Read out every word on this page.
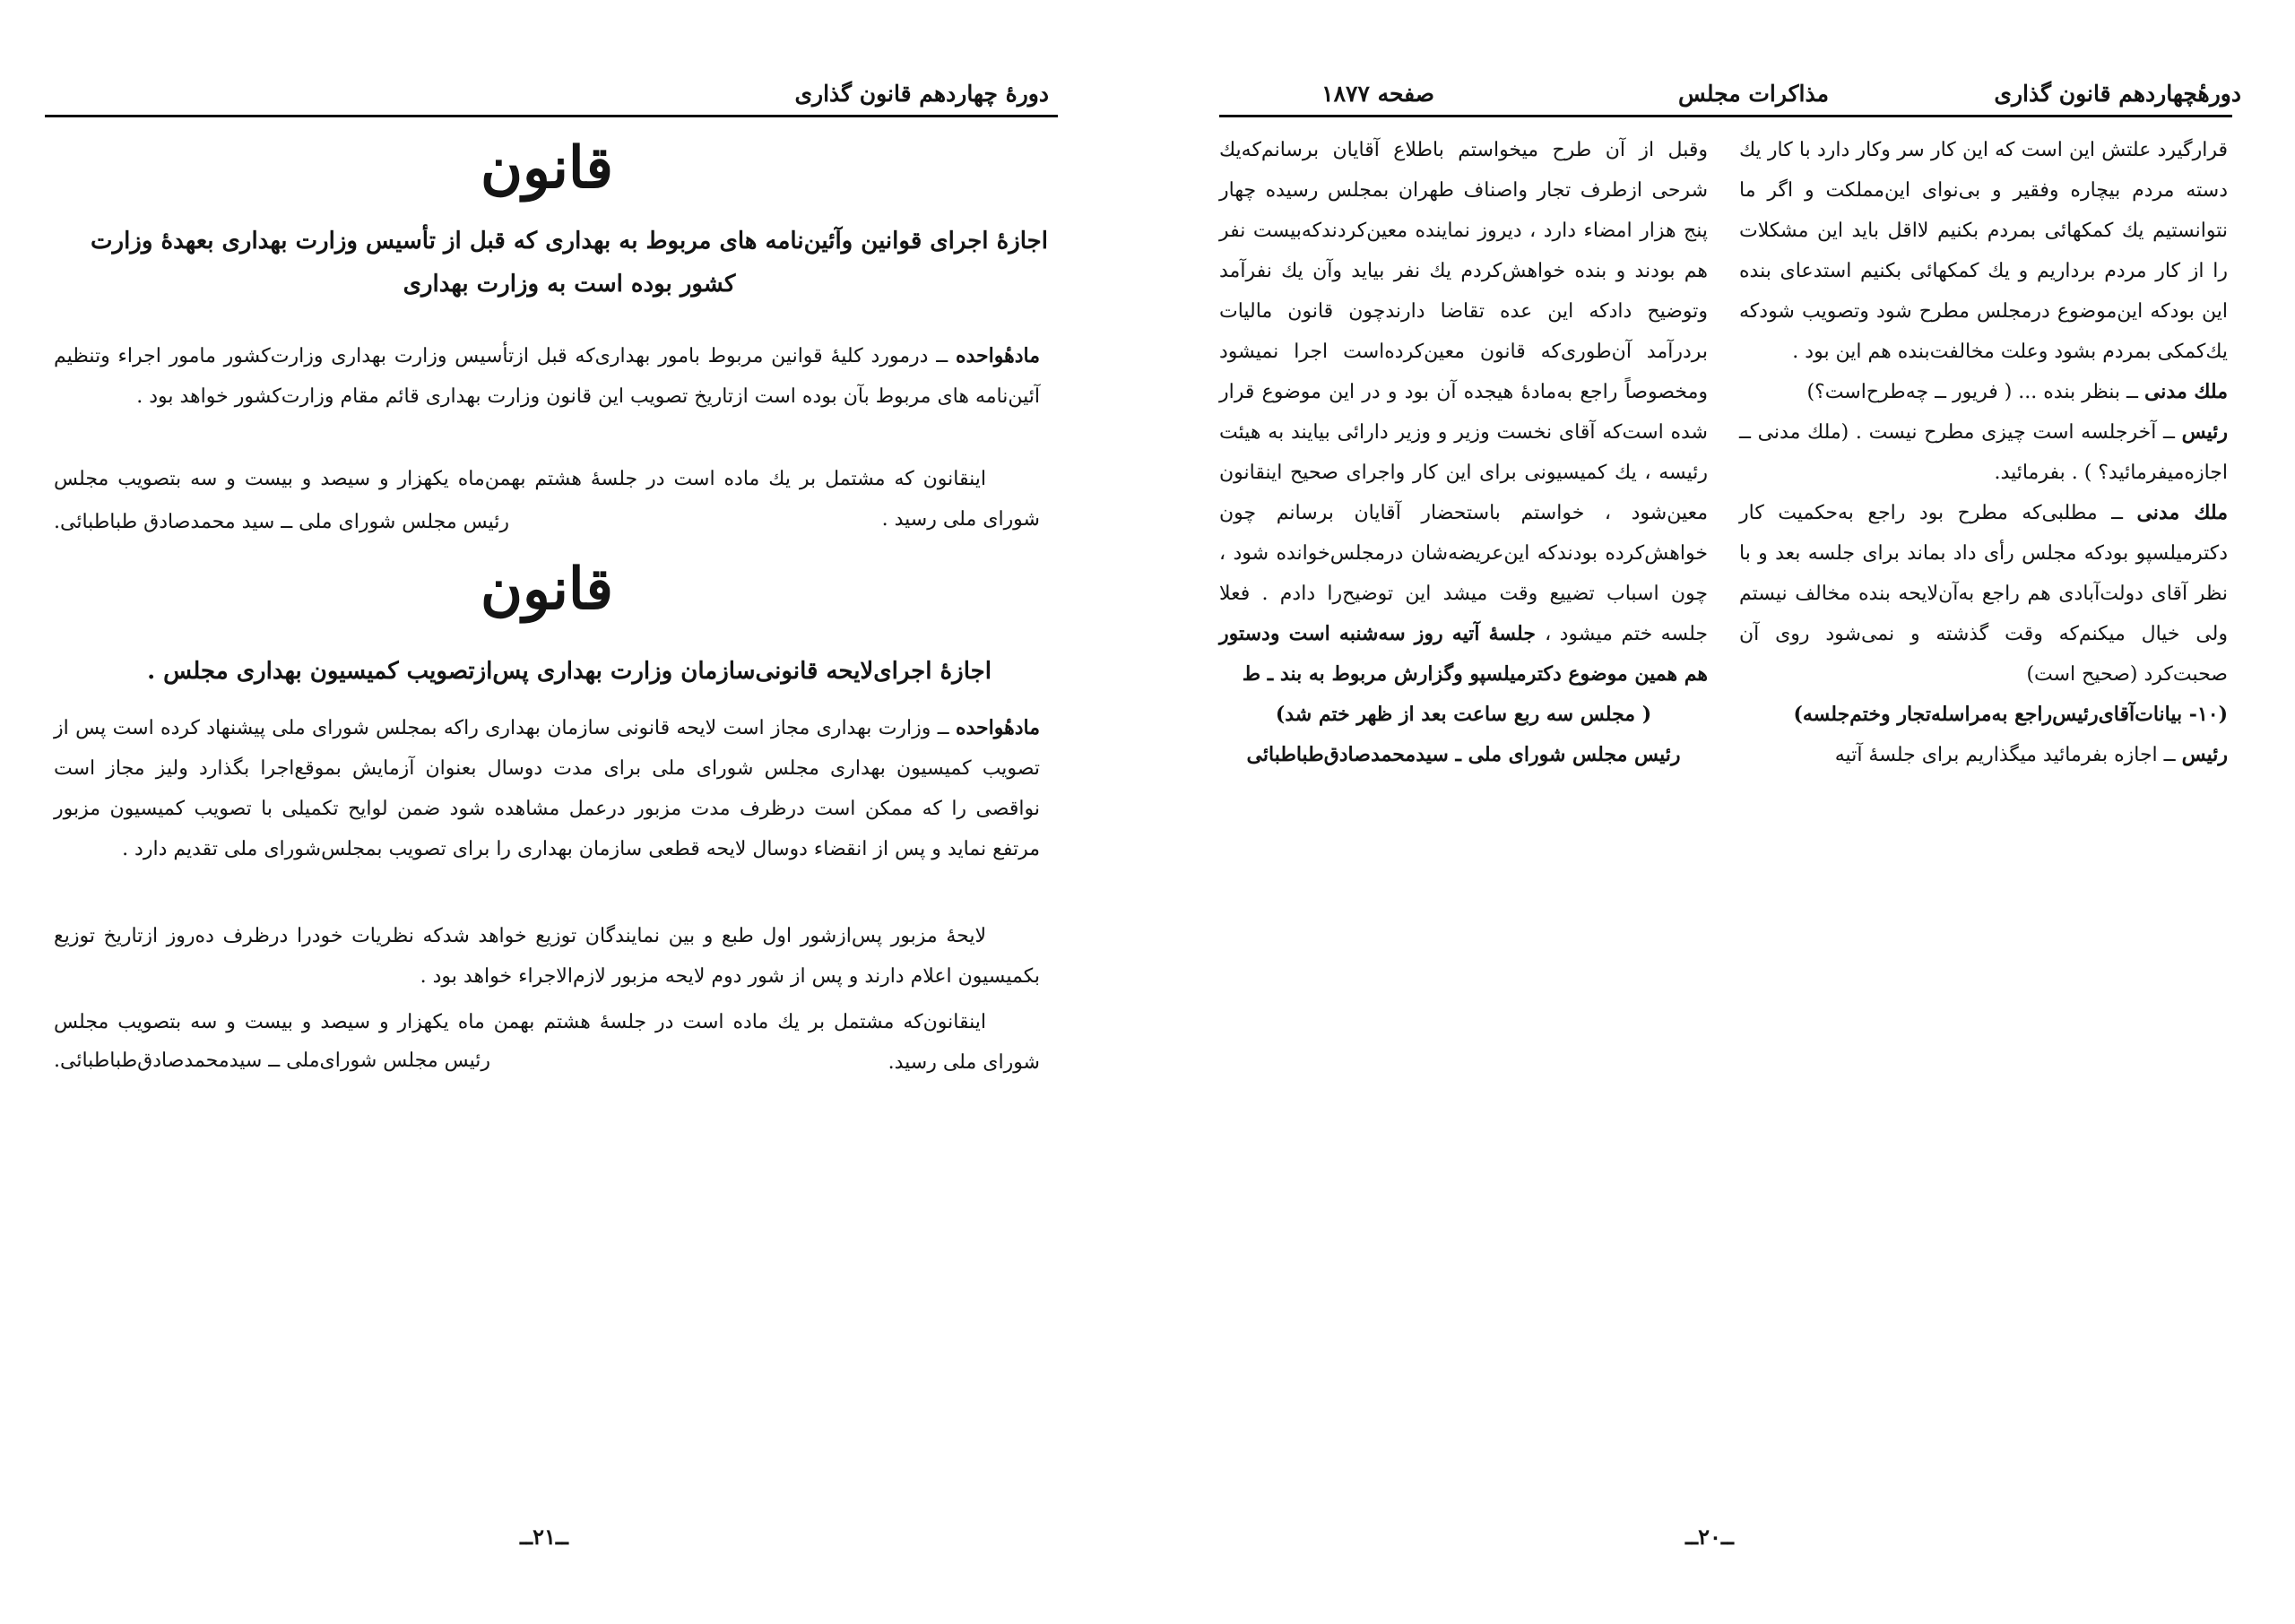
دورهٔ چهاردهم قانون گذاری
قانون
اجازهٔ اجرای قوانین وآئین‌نامه های مربوط به بهداری که قبل از تأسیس وزارت بهداری بعهدهٔ وزارت کشور بوده است به وزارت بهداری

مادهٔواحده ــ درمورد کلیهٔ قوانین مربوط بامور بهداری‌که قبل ازتأسیس وزارت بهداری وزارت‌کشور مامور اجراء وتنظیم آئین‌نامه های مربوط بآن بوده است ازتاریخ تصویب این قانون وزارت بهداری قائم مقام وزارت‌کشور خواهد بود .

اینقانون که مشتمل بر یك ماده است در جلسهٔ هشتم بهمن‌ماه یکهزار و سیصد و بیست و سه بتصویب مجلس شورای ملی رسید .

رئیس مجلس شورای ملی ــ سید محمدصادق طباطبائی.
قانون
اجازهٔ اجرای‌لایحه قانونی‌سازمان وزارت بهداری پس‌ازتصویب کمیسیون بهداری مجلس .

مادهٔواحده ــ وزارت بهداری مجاز است لایحه قانونی سازمان بهداری راکه بمجلس شورای ملی پیشنهاد کرده است پس از تصویب کمیسیون بهداری مجلس شورای ملی برای مدت دوسال بعنوان آزمایش بموقع‌اجرا بگذارد ولیز مجاز است نواقصی را که ممکن است درظرف مدت مزبور درعمل مشاهده شود ضمن لوایح تکمیلی با تصویب کمیسیون مزبور مرتفع نماید و پس از انقضاء دوسال لایحه قطعی سازمان بهداری را برای تصویب بمجلس‌شورای ملی تقدیم دارد .

لایحهٔ مزبور پس‌ازشور اول طبع و بین نمایندگان توزیع خواهد شدکه نظریات خودرا درظرف ده‌روز ازتاریخ توزیع بکمیسیون اعلام دارند و پس از شور دوم لایحه مزبور لازم‌الاجراء خواهد بود .

اینقانون‌که مشتمل بر یك ماده است در جلسهٔ هشتم بهمن ماه یکهزار و سیصد و بیست و سه بتصویب مجلس شورای ملی رسید.

رئیس مجلس شورای‌ملی ــ سیدمحمدصادق‌طباطبائی.
ــ۲۱ــ
دورهٔچهاردهم قانون گذاری
مذاکرات مجلس
صفحه ۱۸۷۷

قرارگیرد علتش این است که این کار سر وکار دارد با کار یك دسته مردم بیچاره وفقیر و بی‌نوای این‌مملکت و اگر ما نتوانستیم یك کمکهائی بمردم بکنیم لااقل باید این مشکلات را از کار مردم برداریم و یك کمکهائی بکنیم استدعای بنده این بودکه این‌موضوع درمجلس مطرح شود وتصویب شودکه یك‌کمکی بمردم بشود وعلت مخالفت‌بنده هم این بود .

ملك مدنی ــ بنظر بنده ... ( فریور ــ چه‌طرح‌است؟)

رئیس ــ آخرجلسه است چیزی مطرح نیست . (ملك‌ مدنی ــ اجازه‌میفرمائید؟ ) . بفرمائید.

ملك مدنی ــ مطلبی‌که مطرح بود راجع به‌حکمیت کار دکترمیلسپو بودکه مجلس رأی داد بماند برای جلسه بعد و با نظر آقای دولت‌آبادی هم راجع به‌آن‌لایحه بنده مخالف نیستم ولی خیال میکنم‌که وقت گذشته و نمی‌شود روی آن صحبت‌کرد (صحیح است)

(۱۰- بیانات‌آقای‌رئیس‌راجع به‌مراسله‌تجار وختم‌جلسه)

رئیس ــ اجازه بفرمائید میگذاریم برای جلسهٔ آتیه

وقبل از آن طرح میخواستم باطلاع آقایان برسانم‌که‌یك شرحی ازطرف تجار واصناف طهران بمجلس رسیده چهار پنج هزار امضاء دارد ، دیروز نماینده معین‌کردندکه‌بیست نفر هم بودند و بنده خواهش‌کردم یك نفر بیاید وآن یك نفرآمد وتوضیح دادکه این عده تقاضا دارندچون قانون مالیات بردرآمد آن‌طوری‌که قانون معین‌کرده‌است اجرا نمیشود ومخصوصاً راجع به‌مادهٔ هیجده آن بود و در این موضوع قرار شده است‌که آقای نخست وزیر و وزیر دارائی بیایند به هیئت رئیسه ، یك کمیسیونی برای این کار واجرای صحیح اینقانون معین‌شود ، خواستم باستحضار آقایان برسانم چون خواهش‌کرده بودندکه این‌عریضه‌شان درمجلس‌خوانده شود ، چون اسباب تضییع وقت میشد این توضیح‌را دادم . فعلا جلسه ختم میشود ، جلسهٔ آتیه روز سه‌شنبه است ودستور هم همین موضوع دکترمیلسپو وگزارش مربوط به بند ـ ط

( مجلس سه ربع ساعت بعد از ظهر ختم شد)

رئیس مجلس شورای ملی ـ سیدمحمدصادق‌طباطبائی

ــ۲۰ــ
